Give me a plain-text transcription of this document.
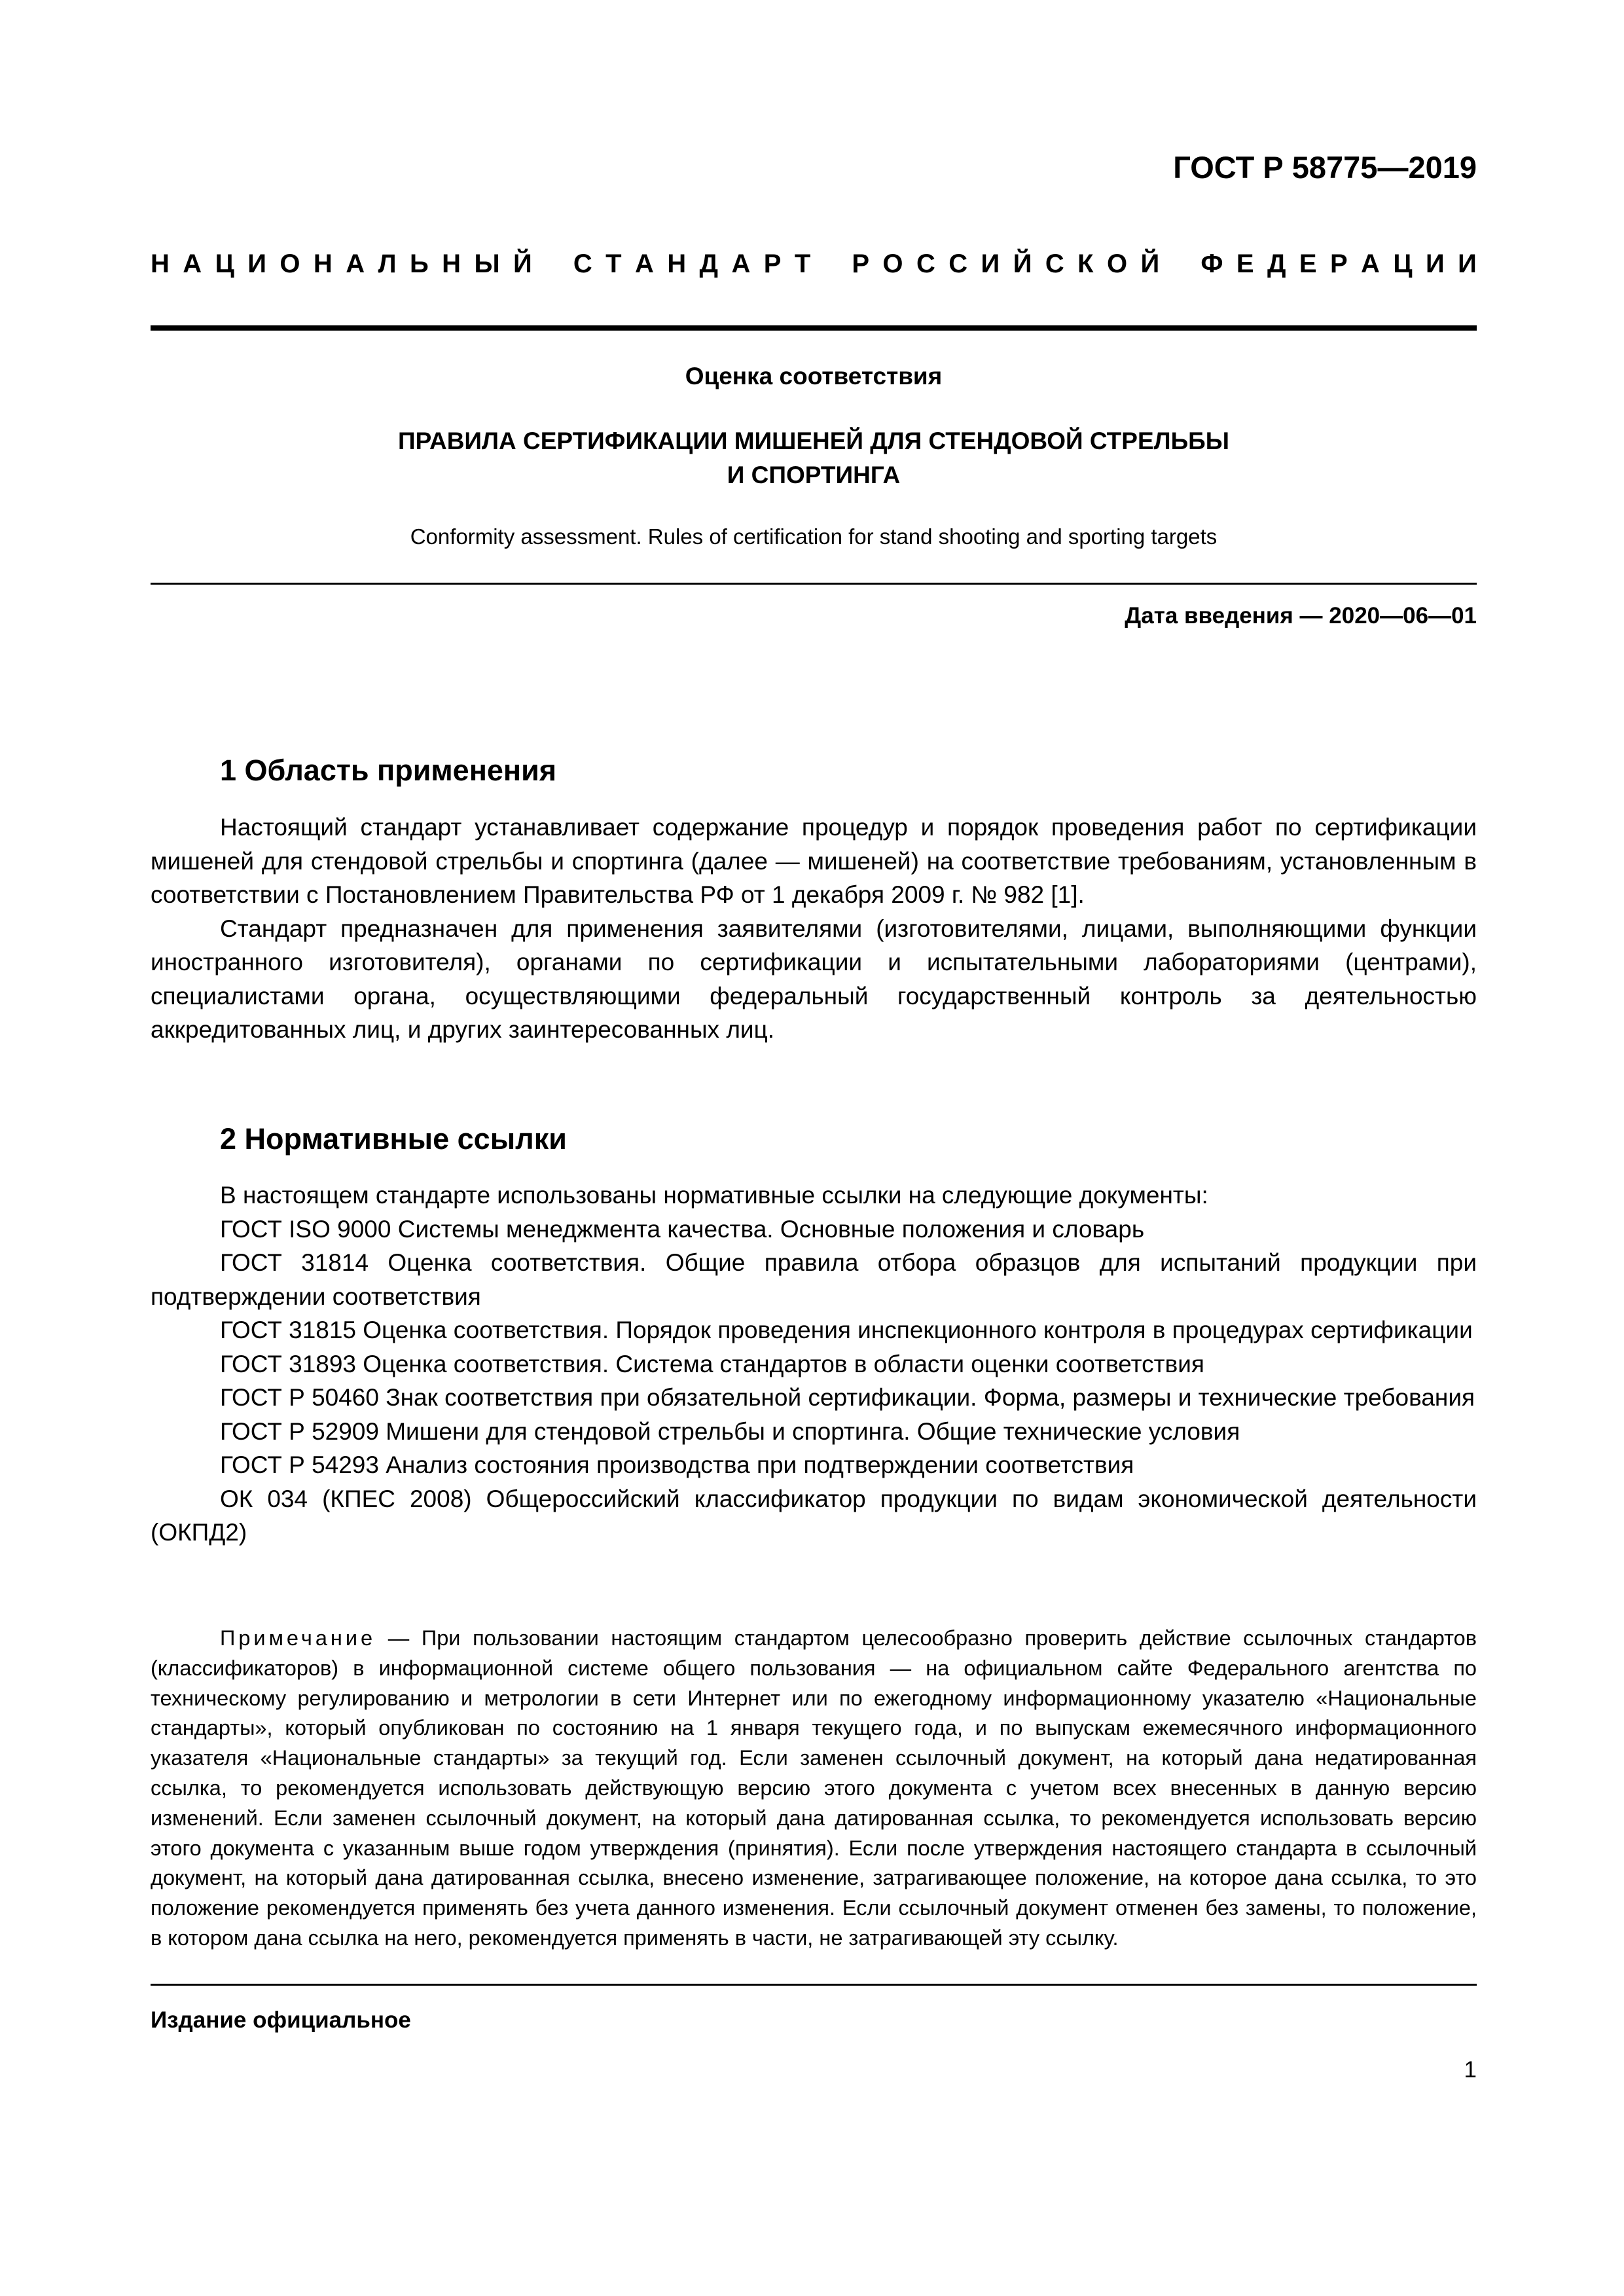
ГОСТ Р 58775—2019
Н А Ц И О Н А Л Ь Н Ы Й
С Т А Н Д А Р Т
Р О С С И Й С К О Й
Ф Е Д Е Р А Ц И И
Оценка соответствия
ПРАВИЛА СЕРТИФИКАЦИИ МИШЕНЕЙ ДЛЯ СТЕНДОВОЙ СТРЕЛЬБЫ
И СПОРТИНГА
Conformity assessment. Rules of certification for stand shooting and sporting targets
Дата введения — 2020—06—01
1 Область применения

Настоящий стандарт устанавливает содержание процедур и порядок проведения работ по сертификации мишеней для стендовой стрельбы и спортинга (далее — мишеней) на соответствие требованиям, установленным в соответствии с Постановлением Правительства РФ от 1 декабря 2009 г. № 982 [1].

Стандарт предназначен для применения заявителями (изготовителями, лицами, выполняющими функции иностранного изготовителя), органами по сертификации и испытательными лабораториями (центрами), специалистами органа, осуществляющими федеральный государственный контроль за деятельностью аккредитованных лиц, и других заинтересованных лиц.

2 Нормативные ссылки

В настоящем стандарте использованы нормативные ссылки на следующие документы:

ГОСТ ISO 9000 Системы менеджмента качества. Основные положения и словарь

ГОСТ 31814 Оценка соответствия. Общие правила отбора образцов для испытаний продукции при подтверждении соответствия

ГОСТ 31815 Оценка соответствия. Порядок проведения инспекционного контроля в процедурах сертификации

ГОСТ 31893 Оценка соответствия. Система стандартов в области оценки соответствия

ГОСТ Р 50460 Знак соответствия при обязательной сертификации. Форма, размеры и технические требования

ГОСТ Р 52909 Мишени для стендовой стрельбы и спортинга. Общие технические условия

ГОСТ Р 54293 Анализ состояния производства при подтверждении соответствия

ОК 034 (КПЕС 2008) Общероссийский классификатор продукции по видам экономической деятельности (ОКПД2)

Примечание — При пользовании настоящим стандартом целесообразно проверить действие ссылочных стандартов (классификаторов) в информационной системе общего пользования — на официальном сайте Федерального агентства по техническому регулированию и метрологии в сети Интернет или по ежегодному информационному указателю «Национальные стандарты», который опубликован по состоянию на 1 января текущего года, и по выпускам ежемесячного информационного указателя «Национальные стандарты» за текущий год. Если заменен ссылочный документ, на который дана недатированная ссылка, то рекомендуется использовать действующую версию этого документа с учетом всех внесенных в данную версию изменений. Если заменен ссылочный документ, на который дана датированная ссылка, то рекомендуется использовать версию этого документа с указанным выше годом утверждения (принятия). Если после утверждения настоящего стандарта в ссылочный документ, на который дана датированная ссылка, внесено изменение, затрагивающее положение, на которое дана ссылка, то это положение рекомендуется применять без учета данного изменения. Если ссылочный документ отменен без замены, то положение, в котором дана ссылка на него, рекомендуется применять в части, не затрагивающей эту ссылку.

Издание официальное
1
